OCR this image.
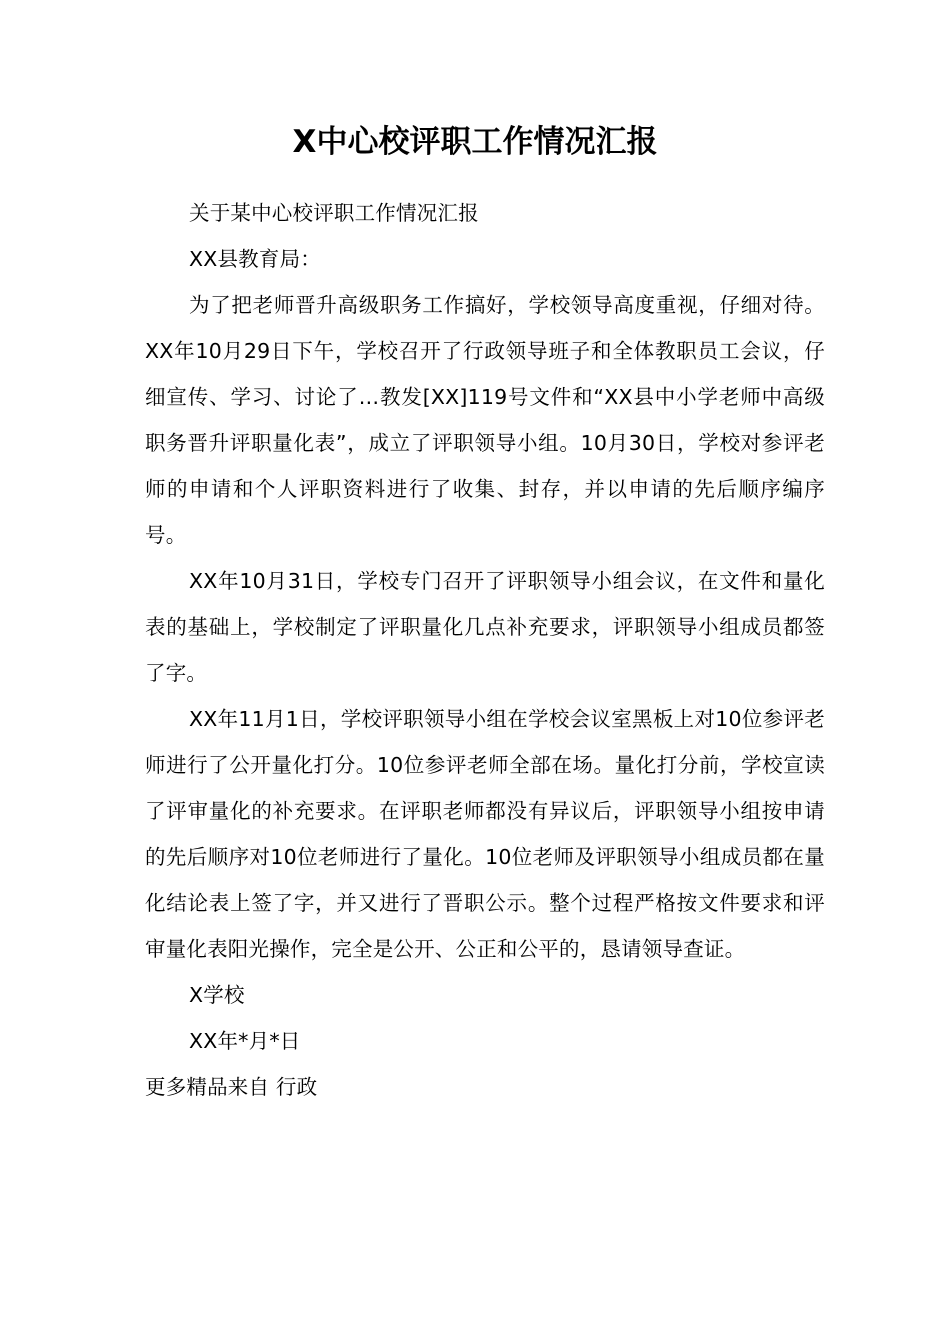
X中心校评职工作情况汇报

关于某中心校评职工作情况汇报

XX县教育局：

为了把老师晋升高级职务工作搞好，学校领导高度重视，仔细对待。XX年10月29日下午，学校召开了行政领导班子和全体教职员工会议，仔细宣传、学习、讨论了…教发[XX]119号文件和“XX县中小学老师中高级职务晋升评职量化表”，成立了评职领导小组。10月30日，学校对参评老师的申请和个人评职资料进行了收集、封存，并以申请的先后顺序编序号。

XX年10月31日，学校专门召开了评职领导小组会议，在文件和量化表的基础上，学校制定了评职量化几点补充要求，评职领导小组成员都签了字。

XX年11月1日，学校评职领导小组在学校会议室黑板上对10位参评老师进行了公开量化打分。10位参评老师全部在场。量化打分前，学校宣读了评审量化的补充要求。在评职老师都没有异议后，评职领导小组按申请的先后顺序对10位老师进行了量化。10位老师及评职领导小组成员都在量化结论表上签了字，并又进行了晋职公示。整个过程严格按文件要求和评审量化表阳光操作，完全是公开、公正和公平的，恳请领导查证。

X学校

XX年*月*日

更多精品来自 行政
